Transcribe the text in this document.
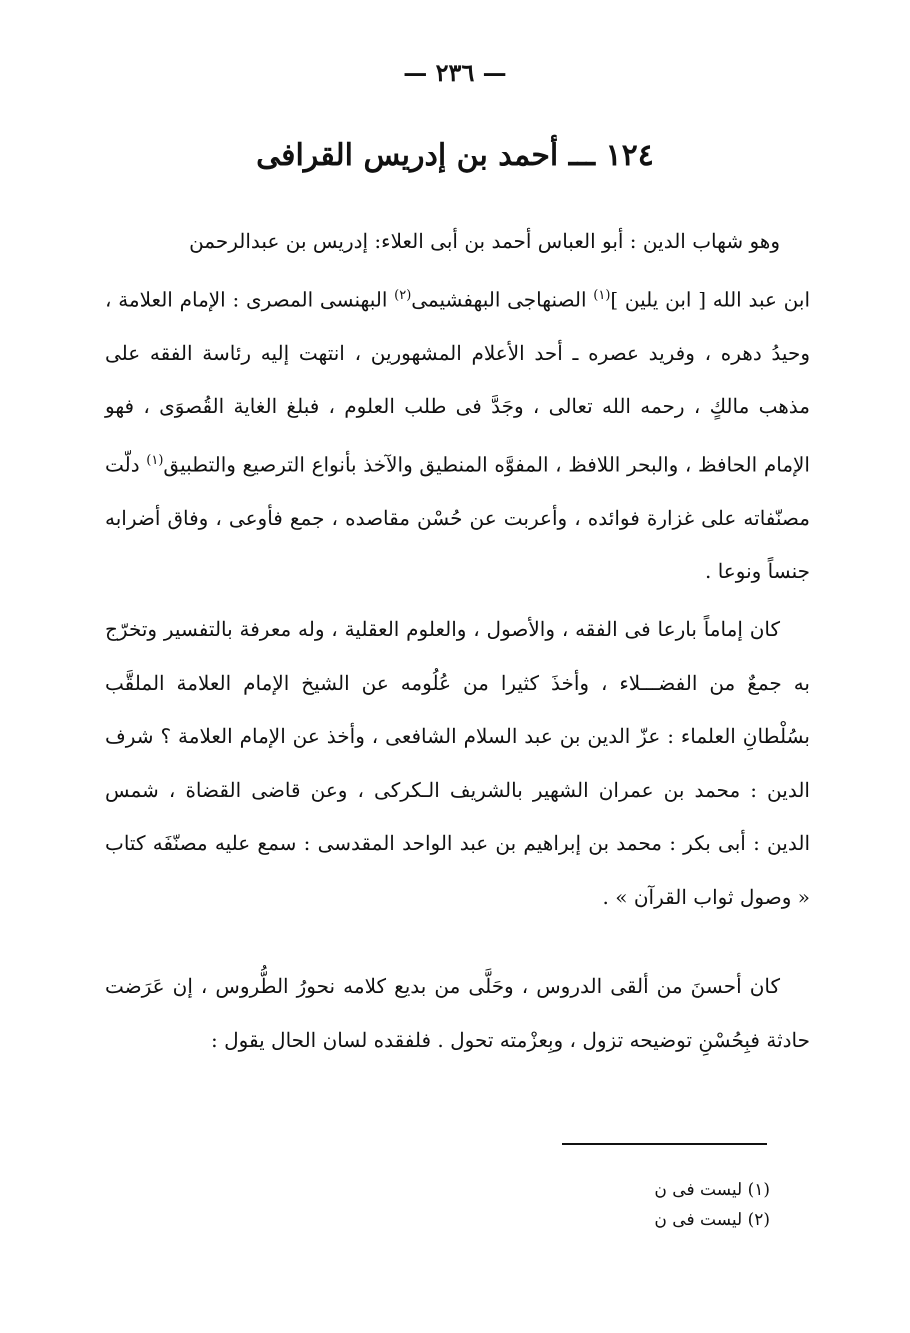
— ٢٣٦ —
١٢٤ ـــ أحمد بن إدريس القرافى

وهو شهاب الدين : أبو العباس أحمد بن أبى العلاء: إدريس بن عبدالرحمن
ابن عبد الله [ ابن يلين ]$^{(١)}$ الصنهاجى البهفشيمى$^{(٢)}$ البهنسى المصرى : الإمام العلامة ، وحيدُ دهره ، وفريد عصره ـ أحد الأعلام المشهورين ، انتهت إليه رئاسة الفقه على مذهب مالكٍ ، رحمه الله تعالى ، وجَدَّ فى طلب العلوم ، فبلغ الغاية القُصوَى ، فهو الإمام الحافظ ، والبحر اللافظ ، المفوَّه المنطيق والآخذ بأنواع الترصيع والتطبيق$^{(١)}$ دلّت مصنّفاته على غزارة فوائده ، وأعربت عن حُسْن مقاصده ، جمع فأوعى ، وفاق أضرابه جنساً ونوعا .

كان إماماً بارعا فى الفقه ، والأصول ، والعلوم العقلية ، وله معرفة بالتفسير وتخرّج به جمعٌ من الفضـــلاء ، وأخذَ كثيرا من عُلُومه عن الشيخ الإمام العلامة الملقَّب بسُلْطانِ العلماء : عزّ الدين بن عبد السلام الشافعى ، وأخذ عن الإمام العلامة ؟ شرف الدين : محمد بن عمران الشهير بالشريف الـكركى ، وعن قاضى القضاة ، شمس الدين : أبى بكر : محمد بن إبراهيم بن عبد الواحد المقدسى : سمع عليه مصنّفَه كتاب « وصول ثواب القرآن » .

كان أحسنَ من ألقى الدروس ، وحَلَّى من بديع كلامه نحورُ الطُّروس ، إن عَرَضت حادثة فبِحُسْنِ توضيحه تزول ، وبِعزْمته تحول . فلفقده لسان الحال يقول :

(١) ليست فى ن
(٢) ليست فى ن
